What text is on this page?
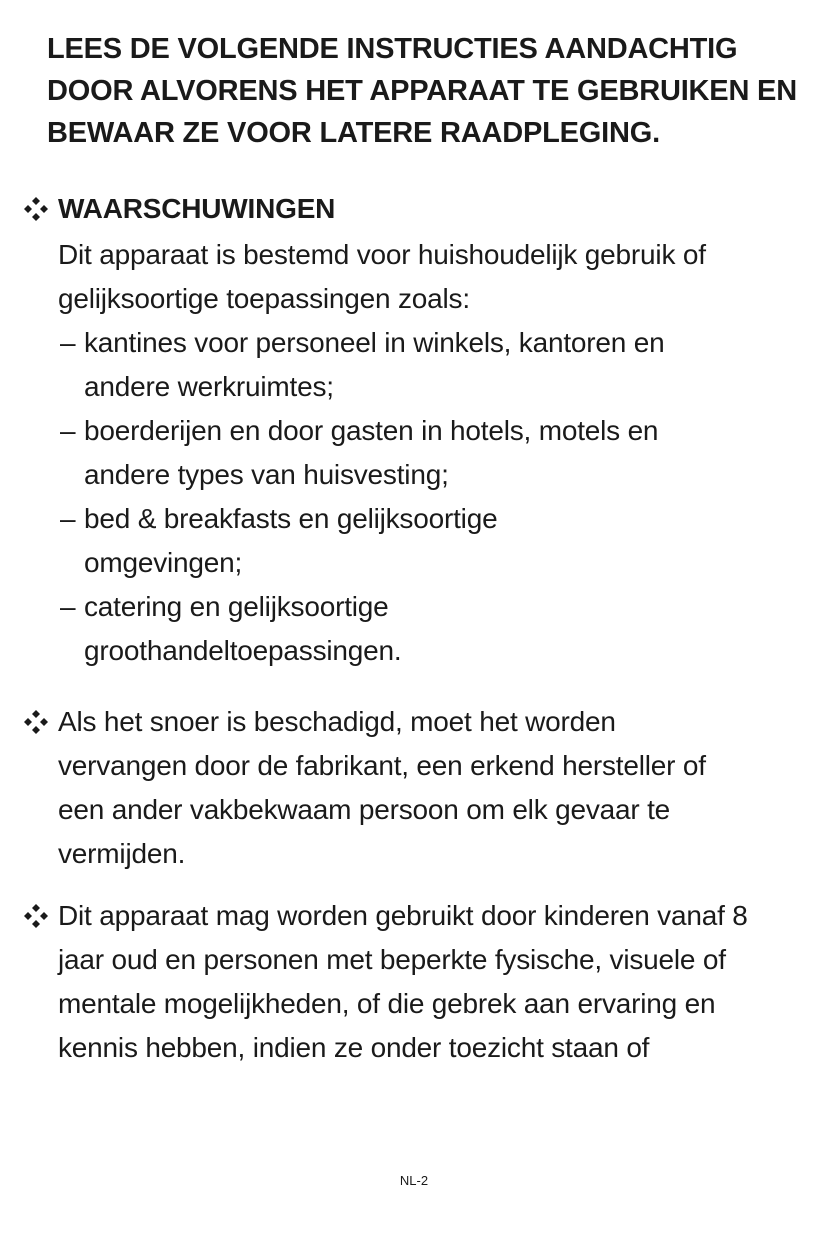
LEES DE VOLGENDE INSTRUCTIES AANDACHTIG DOOR ALVORENS HET APPARAAT TE GEBRUIKEN EN BEWAAR ZE VOOR LATERE RAADPLEGING.

WAARSCHUWINGEN
Dit apparaat is bestemd voor huishoudelijk gebruik of gelijksoortige toepassingen zoals:
– kantines voor personeel in winkels, kantoren en andere werkruimtes;
– boerderijen en door gasten in hotels, motels en andere types van huisvesting;
– bed & breakfasts en gelijksoortige omgevingen;
– catering en gelijksoortige groothandeltoepassingen.
Als het snoer is beschadigd, moet het worden vervangen door de fabrikant, een erkend hersteller of een ander vakbekwaam persoon om elk gevaar te vermijden.
Dit apparaat mag worden gebruikt door kinderen vanaf 8 jaar oud en personen met beperkte fysische, visuele of mentale mogelijkheden, of die gebrek aan ervaring en kennis hebben, indien ze onder toezicht staan of
NL-2
